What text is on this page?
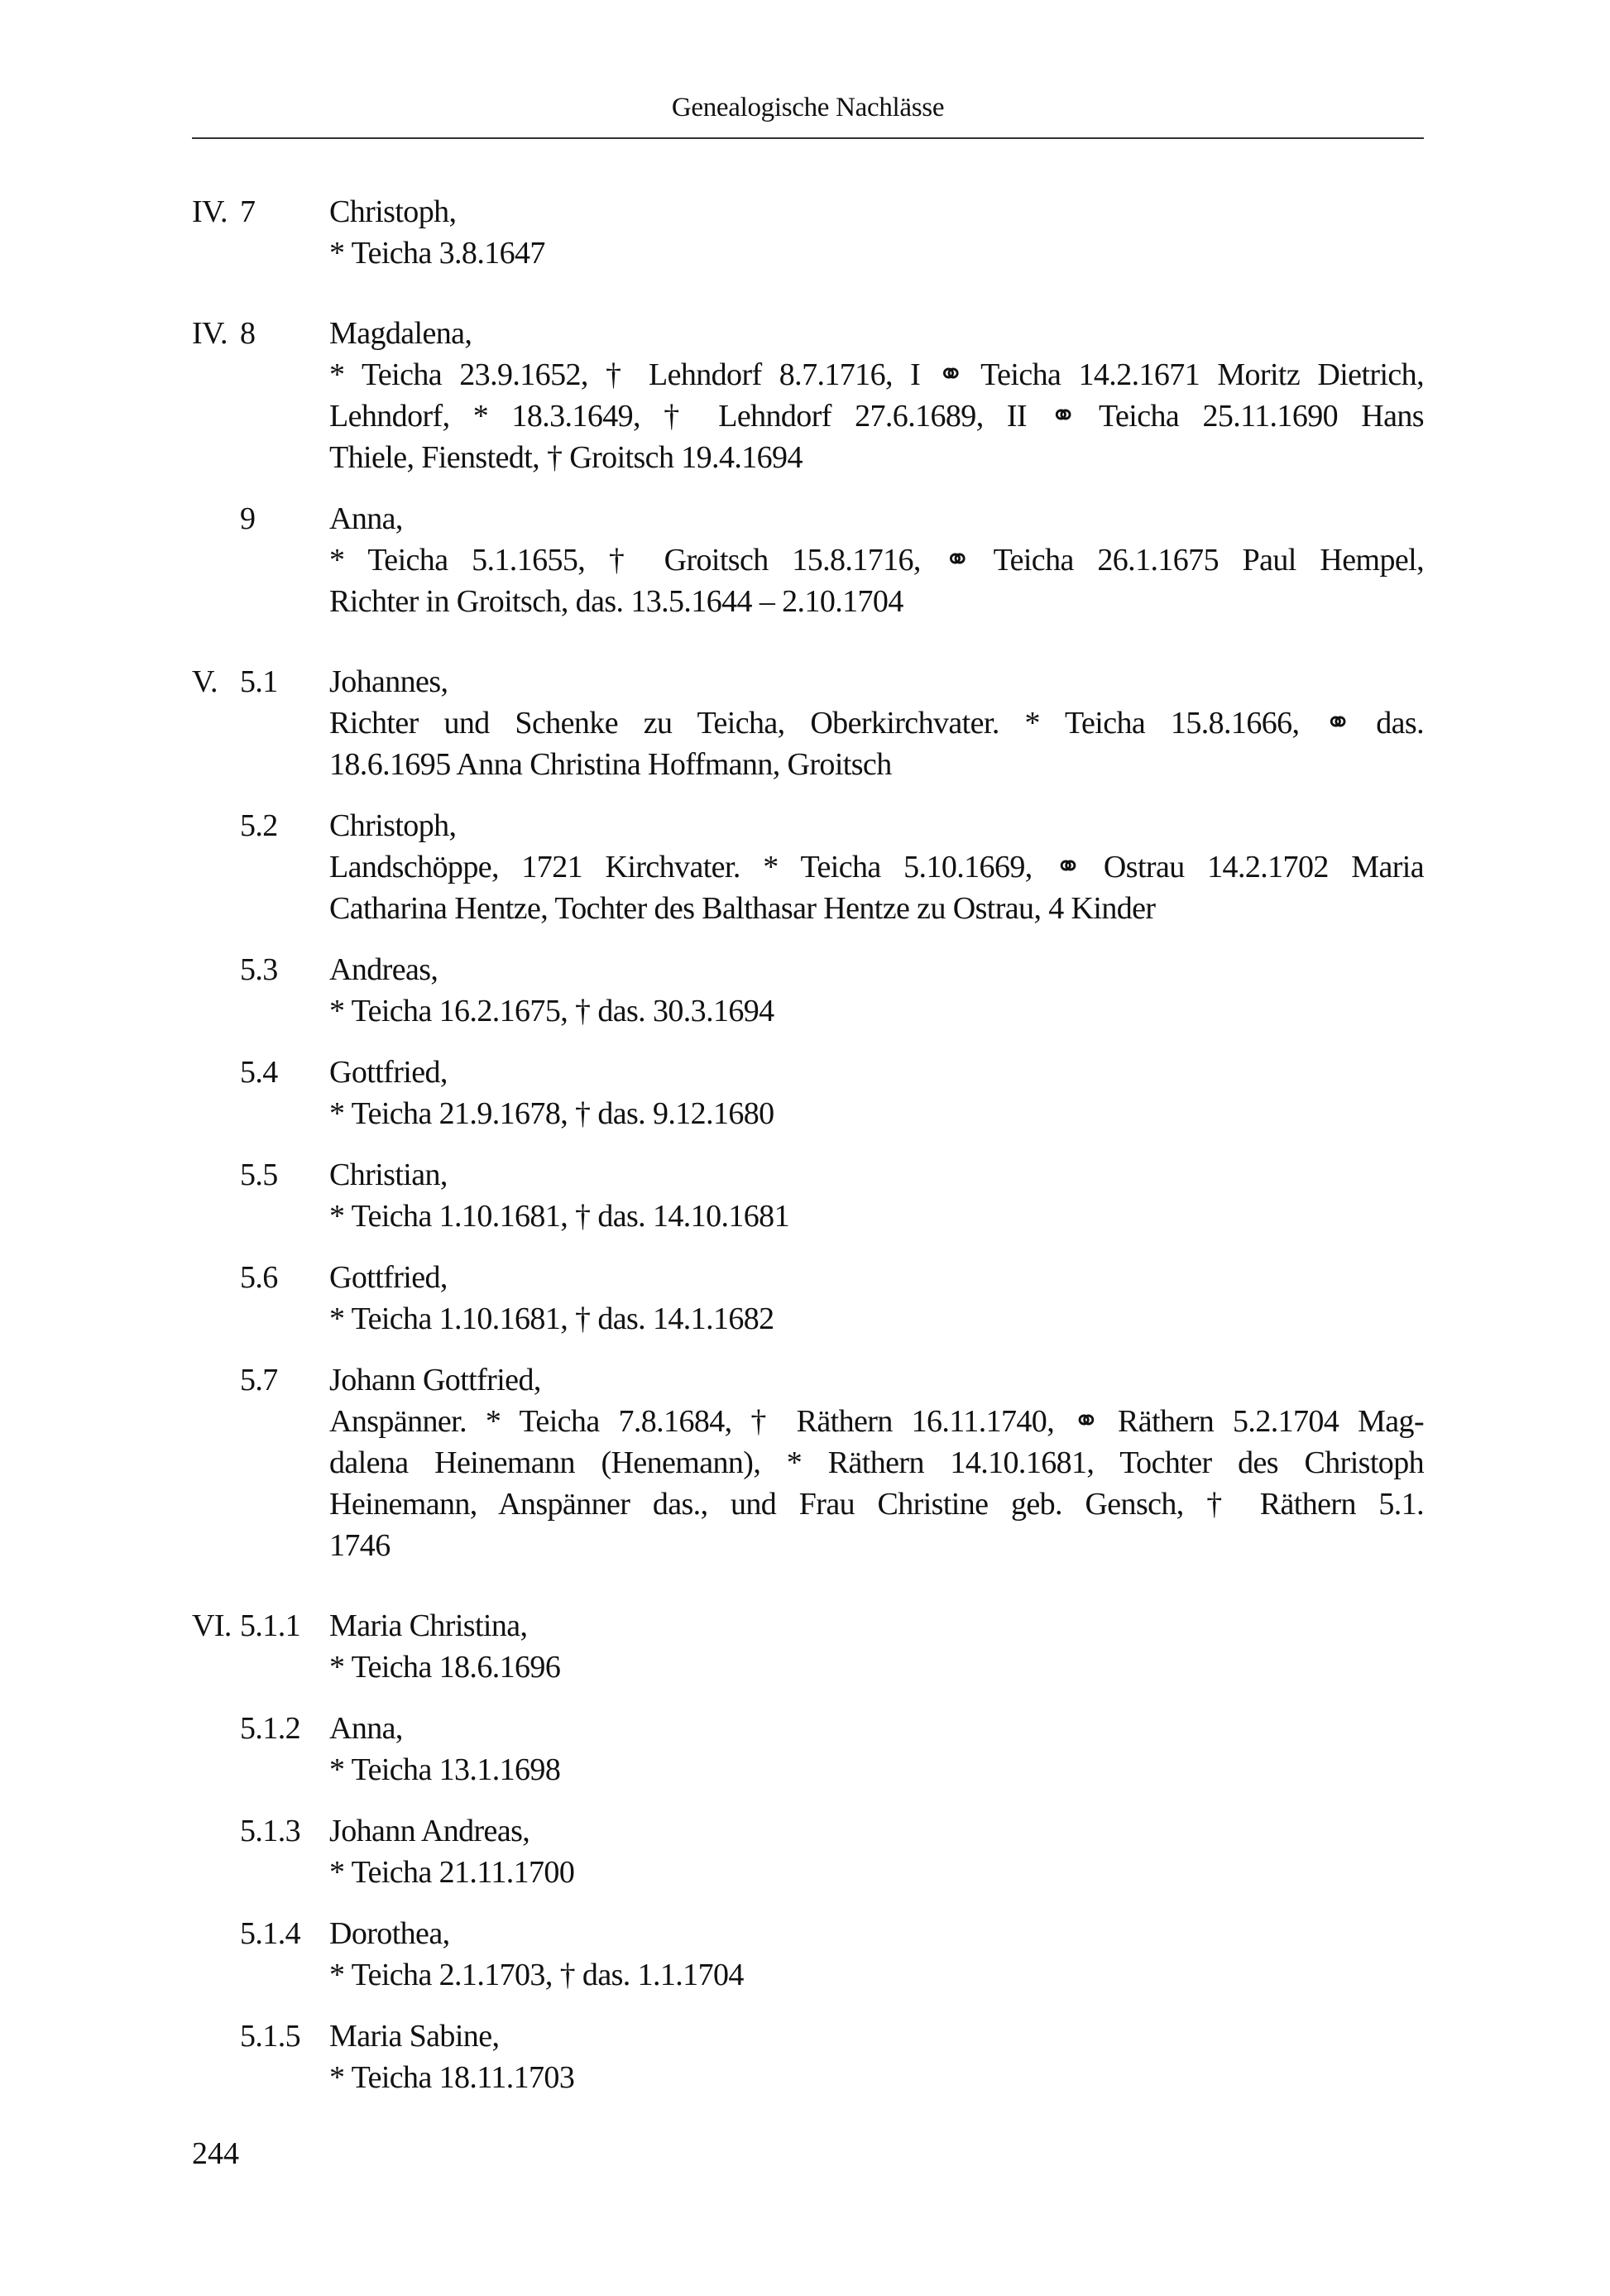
Genealogische Nachlässe
IV. 7	Christoph,
* Teicha 3.8.1647
IV. 8	Magdalena,
* Teicha 23.9.1652, † Lehndorf 8.7.1716, I ⚭ Teicha 14.2.1671 Moritz Dietrich,
Lehndorf, * 18.3.1649, † Lehndorf 27.6.1689, II ⚭ Teicha 25.11.1690 Hans
Thiele, Fienstedt, † Groitsch 19.4.1694
9	Anna,
* Teicha 5.1.1655, † Groitsch 15.8.1716, ⚭ Teicha 26.1.1675 Paul Hempel,
Richter in Groitsch, das. 13.5.1644 – 2.10.1704
V. 5.1	Johannes,
Richter und Schenke zu Teicha, Oberkirchvater. * Teicha 15.8.1666, ⚭ das.
18.6.1695 Anna Christina Hoffmann, Groitsch
5.2	Christoph,
Landschöppe, 1721 Kirchvater. * Teicha 5.10.1669, ⚭ Ostrau 14.2.1702 Maria
Catharina Hentze, Tochter des Balthasar Hentze zu Ostrau, 4 Kinder
5.3	Andreas,
* Teicha 16.2.1675, † das. 30.3.1694
5.4	Gottfried,
* Teicha 21.9.1678, † das. 9.12.1680
5.5	Christian,
* Teicha 1.10.1681, † das. 14.10.1681
5.6	Gottfried,
* Teicha 1.10.1681, † das. 14.1.1682
5.7	Johann Gottfried,
Anspänner. * Teicha 7.8.1684, † Räthern 16.11.1740, ⚭ Räthern 5.2.1704 Mag-
dalena Heinemann (Henemann), * Räthern 14.10.1681, Tochter des Christoph
Heinemann, Anspänner das., und Frau Christine geb. Gensch, † Räthern 5.1.
1746
VI. 5.1.1 Maria Christina,
* Teicha 18.6.1696
5.1.2 Anna,
* Teicha 13.1.1698
5.1.3 Johann Andreas,
* Teicha 21.11.1700
5.1.4 Dorothea,
* Teicha 2.1.1703, † das. 1.1.1704
5.1.5 Maria Sabine,
* Teicha 18.11.1703
244
